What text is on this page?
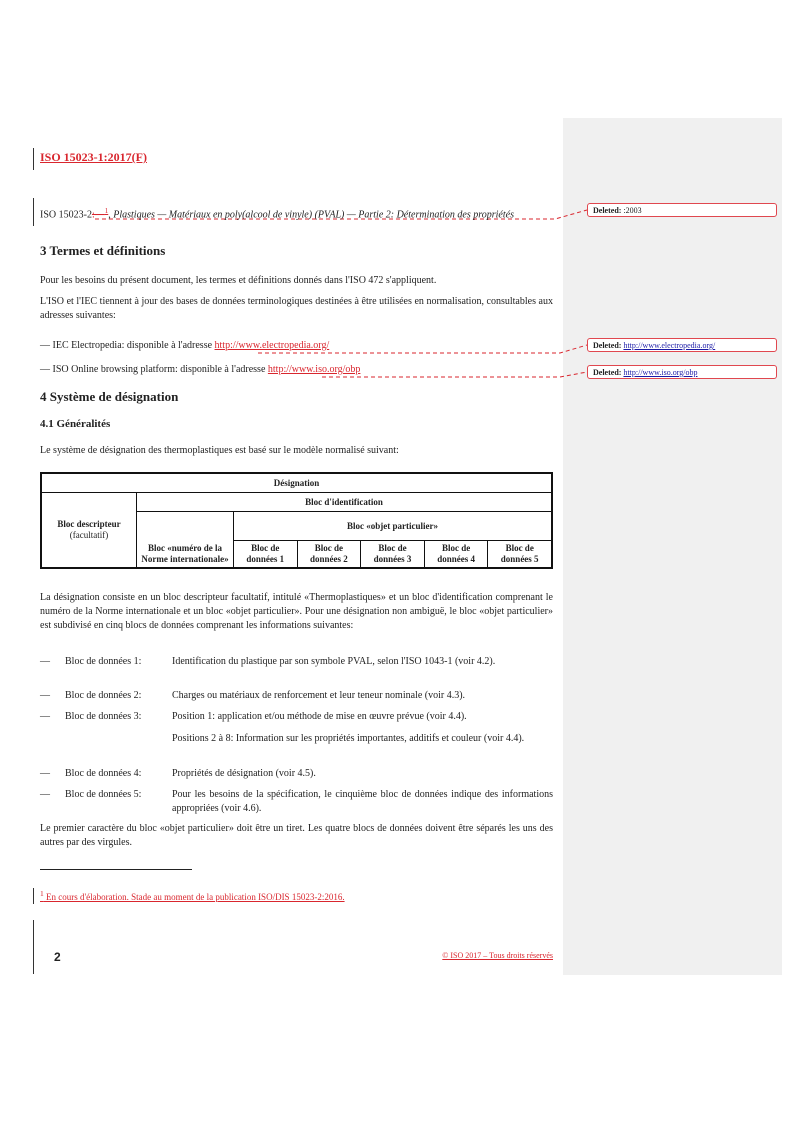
ISO 15023-1:2017(F)
ISO 15023-2:—$^1$, Plastiques — Matériaux en poly(alcool de vinyle) (PVAL) — Partie 2: Détermination des propriétés
3 Termes et définitions
Pour les besoins du présent document, les termes et définitions donnés dans l'ISO 472 s'appliquent.
L'ISO et l'IEC tiennent à jour des bases de données terminologiques destinées à être utilisées en normalisation, consultables aux adresses suivantes:
— IEC Electropedia: disponible à l'adresse http://www.electropedia.org/
— ISO Online browsing platform: disponible à l'adresse http://www.iso.org/obp
4 Système de désignation
4.1 Généralités
Le système de désignation des thermoplastiques est basé sur le modèle normalisé suivant:
Désignation						
Bloc descripteur
(facultatif)	Bloc d'identification					
	Bloc «numéro de la Norme internationale»	Bloc «objet particulier»				
		Bloc de données 1	Bloc de données 2	Bloc de données 3	Bloc de données 4	Bloc de données 5
La désignation consiste en un bloc descripteur facultatif, intitulé «Thermoplastiques» et un bloc d'identification comprenant le numéro de la Norme internationale et un bloc «objet particulier». Pour une désignation non ambiguë, le bloc «objet particulier» est subdivisé en cinq blocs de données comprenant les informations suivantes:
— Bloc de données 1:	Identification du plastique par son symbole PVAL, selon l'ISO 1043-1 (voir 4.2).
— Bloc de données 2:	Charges ou matériaux de renforcement et leur teneur nominale (voir 4.3).
— Bloc de données 3:	Position 1: application et/ou méthode de mise en œuvre prévue (voir 4.4).
Positions 2 à 8: Information sur les propriétés importantes, additifs et couleur (voir 4.4).
— Bloc de données 4:	Propriétés de désignation (voir 4.5).
— Bloc de données 5:	Pour les besoins de la spécification, le cinquième bloc de données indique des informations appropriées (voir 4.6).
Le premier caractère du bloc «objet particulier» doit être un tiret. Les quatre blocs de données doivent être séparés les uns des autres par des virgules.
$^1$ En cours d'élaboration. Stade au moment de la publication ISO/DIS 15023-2:2016.
2	© ISO 2017 – Tous droits réservés
Deleted: :2003
Deleted: http://www.electropedia.org/
Deleted: http://www.iso.org/obp
